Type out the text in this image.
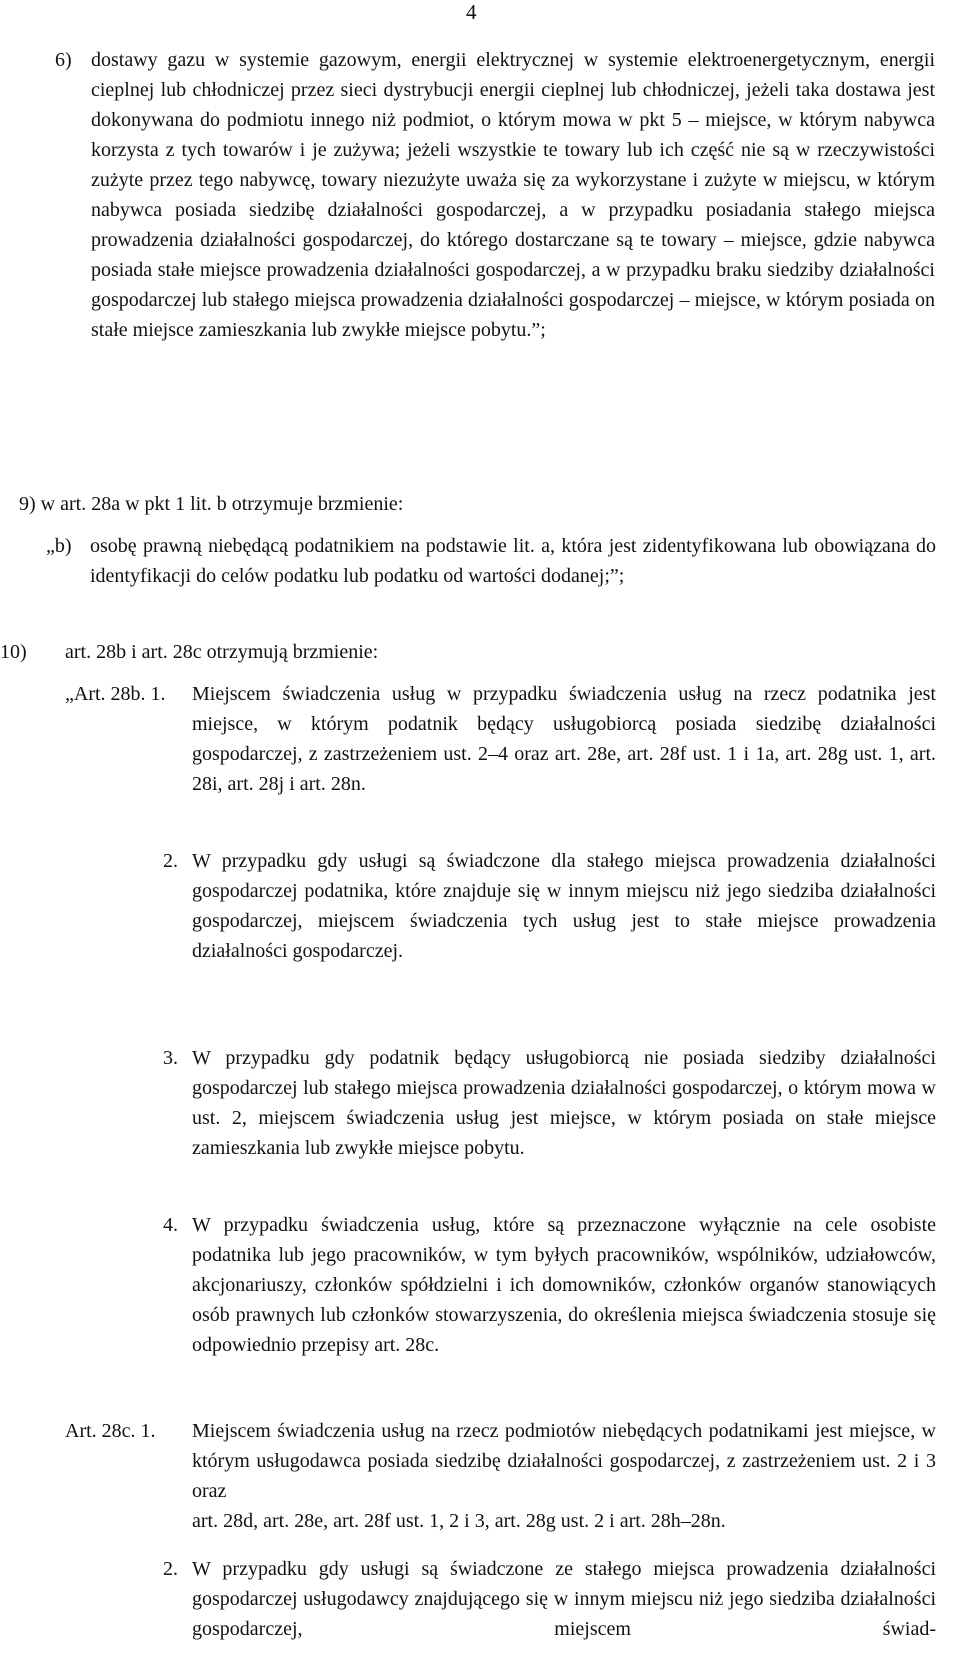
4
6) dostawy gazu w systemie gazowym, energii elektrycznej w systemie elektroenergetycznym, energii cieplnej lub chłodniczej przez sieci dystrybucji energii cieplnej lub chłodniczej, jeżeli taka dostawa jest dokonywana do podmiotu innego niż podmiot, o którym mowa w pkt 5 – miejsce, w którym nabywca korzysta z tych towarów i je zużywa; jeżeli wszystkie te towary lub ich część nie są w rzeczywistości zużyte przez tego nabywcę, towary niezużyte uważa się za wykorzystane i zużyte w miejscu, w którym nabywca posiada siedzibę działalności gospodarczej, a w przypadku posiadania stałego miejsca prowadzenia działalności gospodarczej, do którego dostarczane są te towary – miejsce, gdzie nabywca posiada stałe miejsce prowadzenia działalności gospodarczej, a w przypadku braku siedziby działalności gospodarczej lub stałego miejsca prowadzenia działalności gospodarczej – miejsce, w którym posiada on stałe miejsce zamieszkania lub zwykłe miejsce pobytu.”;
9) w art. 28a w pkt 1 lit. b otrzymuje brzmienie:
„b) osobę prawną niebędącą podatnikiem na podstawie lit. a, która jest zidentyfikowana lub obowiązana do identyfikacji do celów podatku lub podatku od wartości dodanej;”;
10) art. 28b i art. 28c otrzymują brzmienie:
„Art. 28b. 1. Miejscem świadczenia usług w przypadku świadczenia usług na rzecz podatnika jest miejsce, w którym podatnik będący usługobiorcą posiada siedzibę działalności gospodarczej, z zastrzeżeniem ust. 2–4 oraz art. 28e, art. 28f ust. 1 i 1a, art. 28g ust. 1, art. 28i, art. 28j i art. 28n.
2. W przypadku gdy usługi są świadczone dla stałego miejsca prowadzenia działalności gospodarczej podatnika, które znajduje się w innym miejscu niż jego siedziba działalności gospodarczej, miejscem świadczenia tych usług jest to stałe miejsce prowadzenia działalności gospodarczej.
3. W przypadku gdy podatnik będący usługobiorcą nie posiada siedziby działalności gospodarczej lub stałego miejsca prowadzenia działalności gospodarczej, o którym mowa w ust. 2, miejscem świadczenia usług jest miejsce, w którym posiada on stałe miejsce zamieszkania lub zwykłe miejsce pobytu.
4. W przypadku świadczenia usług, które są przeznaczone wyłącznie na cele osobiste podatnika lub jego pracowników, w tym byłych pracowników, wspólników, udziałowców, akcjonariuszy, członków spółdzielni i ich domowników, członków organów stanowiących osób prawnych lub członków stowarzyszenia, do określenia miejsca świadczenia stosuje się odpowiednio przepisy art. 28c.
Art. 28c. 1. Miejscem świadczenia usług na rzecz podmiotów niebędących podatnikami jest miejsce, w którym usługodawca posiada siedzibę działalności gospodarczej, z zastrzeżeniem ust. 2 i 3 oraz
art. 28d, art. 28e, art. 28f ust. 1, 2 i 3, art. 28g ust. 2 i art. 28h–28n.
2. W przypadku gdy usługi są świadczone ze stałego miejsca prowadzenia działalności gospodarczej usługodawcy znajdującego się w innym miejscu niż jego siedziba działalności gospodarczej, miejscem świad-
